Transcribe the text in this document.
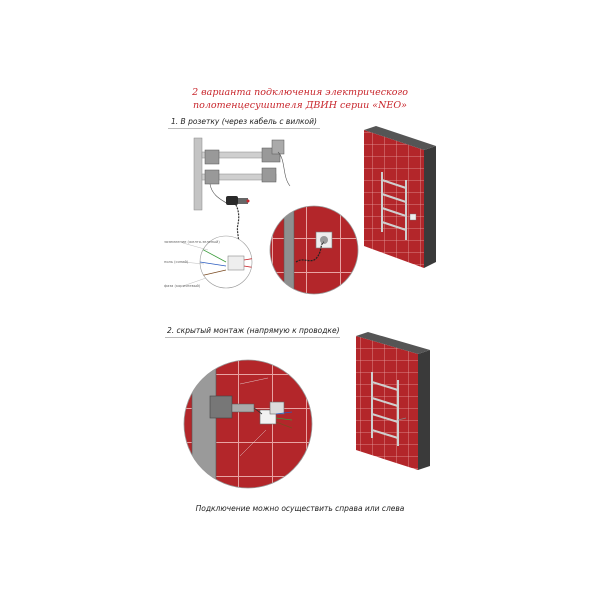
2 варианта подключения электрического
полотенцесушителя ДВИН серии «NEO»
1. В розетку (через кабель с вилкой)
2. скрытый монтаж (напрямую к проводке)
заземление (желто-зеленый)
ноль (синий)
фаза (коричневый)
Подключение можно осуществить справа или слева
